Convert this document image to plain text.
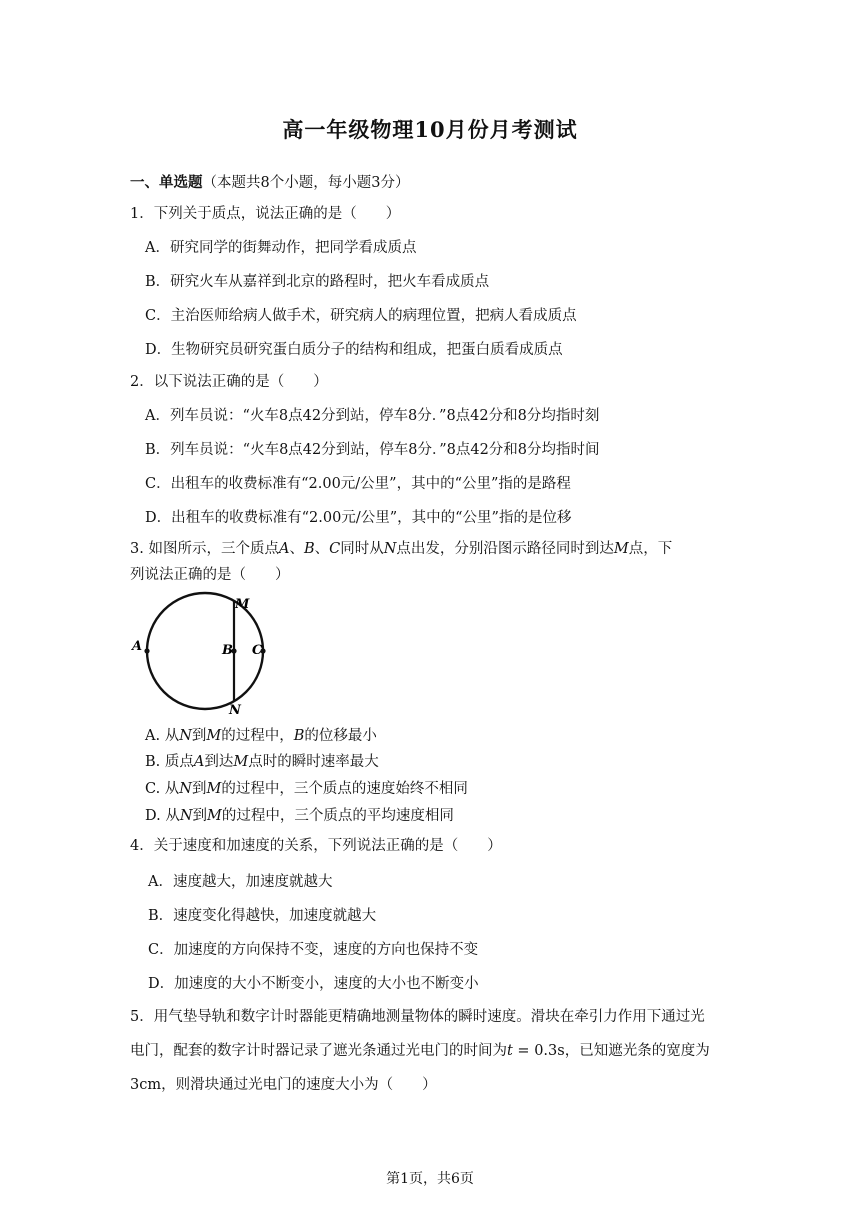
高一年级物理10月份月考测试
一、单选题（本题共8个小题，每小题3分）
1．下列关于质点，说法正确的是（　　）
A．研究同学的街舞动作，把同学看成质点
B．研究火车从嘉祥到北京的路程时，把火车看成质点
C．主治医师给病人做手术，研究病人的病理位置，把病人看成质点
D．生物研究员研究蛋白质分子的结构和组成，把蛋白质看成质点
2．以下说法正确的是（　　）
A．列车员说：“火车8点42分到站，停车8分．”8点42分和8分均指时刻
B．列车员说：“火车8点42分到站，停车8分．”8点42分和8分均指时间
C．出租车的收费标准有“2.00元/公里”，其中的“公里”指的是路程
D．出租车的收费标准有“2.00元/公里”，其中的“公里”指的是位移
3. 如图所示，三个质点A、B、C同时从N点出发，分别沿图示路径同时到达M点，下
列说法正确的是（　　）
M
A	B C
N
A. 从N到M的过程中，B的位移最小
B. 质点A到达M点时的瞬时速率最大
C. 从N到M的过程中，三个质点的速度始终不相同
D. 从N到M的过程中，三个质点的平均速度相同
4．关于速度和加速度的关系，下列说法正确的是（　　）
A．速度越大，加速度就越大
B．速度变化得越快，加速度就越大
C．加速度的方向保持不变，速度的方向也保持不变
D．加速度的大小不断变小，速度的大小也不断变小
5．用气垫导轨和数字计时器能更精确地测量物体的瞬时速度。滑块在牵引力作用下通过光
电门，配套的数字计时器记录了遮光条通过光电门的时间为t = 0.3s，已知遮光条的宽度为
3cm，则滑块通过光电门的速度大小为（　　）
第1页，共6页
